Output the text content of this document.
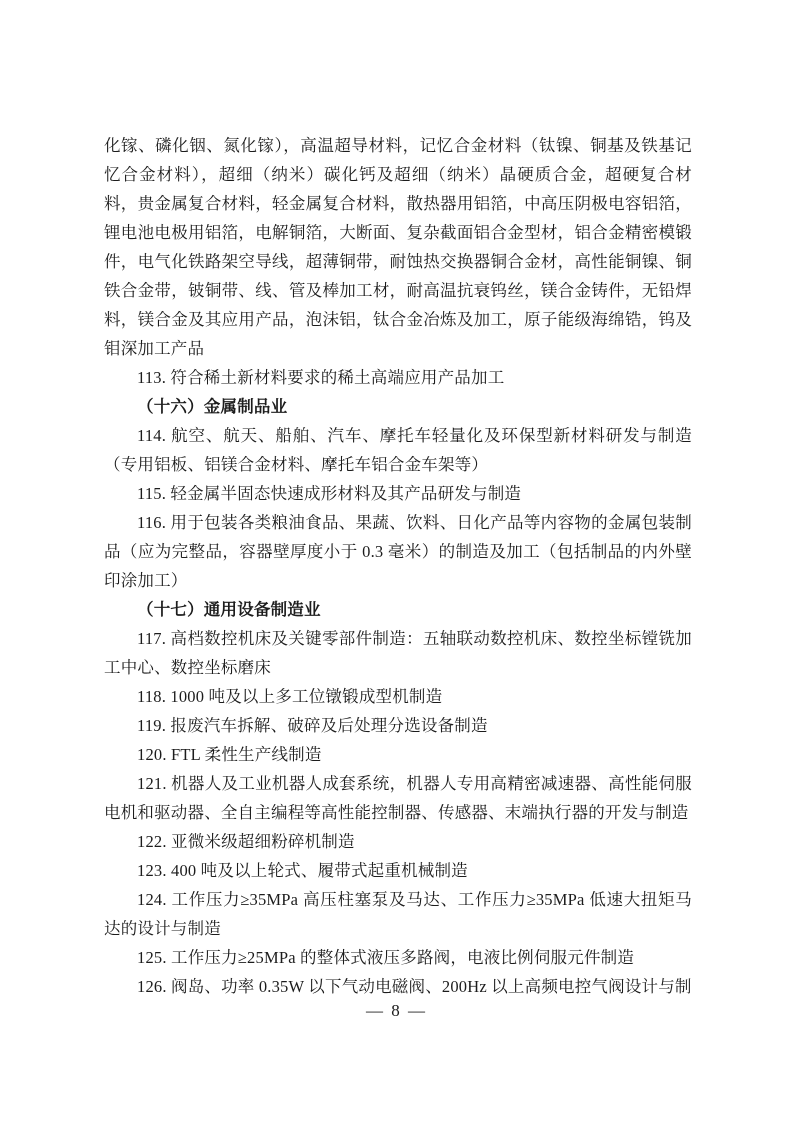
化镓、磷化铟、氮化镓），高温超导材料，记忆合金材料（钛镍、铜基及铁基记忆合金材料），超细（纳米）碳化钙及超细（纳米）晶硬质合金，超硬复合材料，贵金属复合材料，轻金属复合材料，散热器用铝箔，中高压阴极电容铝箔，锂电池电极用铝箔，电解铜箔，大断面、复杂截面铝合金型材，铝合金精密模锻件，电气化铁路架空导线，超薄铜带，耐蚀热交换器铜合金材，高性能铜镍、铜铁合金带，铍铜带、线、管及棒加工材，耐高温抗衰钨丝，镁合金铸件，无铅焊料，镁合金及其应用产品，泡沫铝，钛合金冶炼及加工，原子能级海绵锆，钨及钼深加工产品

113. 符合稀土新材料要求的稀土高端应用产品加工

（十六）金属制品业

114. 航空、航天、船舶、汽车、摩托车轻量化及环保型新材料研发与制造（专用铝板、铝镁合金材料、摩托车铝合金车架等）

115. 轻金属半固态快速成形材料及其产品研发与制造

116. 用于包装各类粮油食品、果蔬、饮料、日化产品等内容物的金属包装制品（应为完整品，容器壁厚度小于 0.3 毫米）的制造及加工（包括制品的内外壁印涂加工）

（十七）通用设备制造业

117. 高档数控机床及关键零部件制造：五轴联动数控机床、数控坐标镗铣加工中心、数控坐标磨床

118. 1000 吨及以上多工位镦锻成型机制造

119. 报废汽车拆解、破碎及后处理分选设备制造

120. FTL 柔性生产线制造

121. 机器人及工业机器人成套系统，机器人专用高精密减速器、高性能伺服电机和驱动器、全自主编程等高性能控制器、传感器、末端执行器的开发与制造

122. 亚微米级超细粉碎机制造

123. 400 吨及以上轮式、履带式起重机械制造

124. 工作压力≥35MPa 高压柱塞泵及马达、工作压力≥35MPa 低速大扭矩马达的设计与制造

125. 工作压力≥25MPa 的整体式液压多路阀，电液比例伺服元件制造

126. 阀岛、功率 0.35W 以下气动电磁阀、200Hz 以上高频电控气阀设计与制

— 8 —
